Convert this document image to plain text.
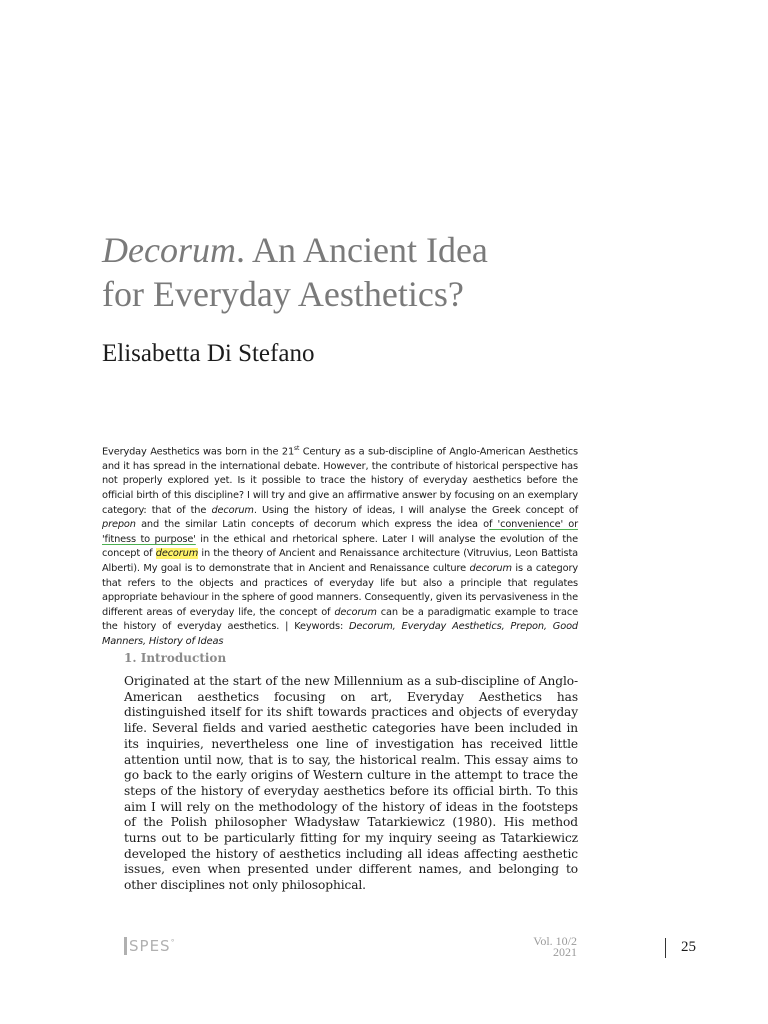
Decorum. An Ancient Idea
for Everyday Aesthetics?
Elisabetta Di Stefano
Everyday Aesthetics was born in the 21st Century as a sub-discipline of Anglo-American Aesthetics and it has spread in the international debate. However, the contribute of historical perspective has not properly explored yet. Is it possible to trace the history of everyday aesthetics before the official birth of this discipline? I will try and give an affirmative answer by focusing on an exemplary category: that of the decorum. Using the history of ideas, I will analyse the Greek concept of prepon and the similar Latin concepts of decorum which express the idea of 'convenience' or 'fitness to purpose' in the ethical and rhetorical sphere. Later I will analyse the evolution of the concept of decorum in the theory of Ancient and Renaissance architecture (Vitruvius, Leon Battista Alberti). My goal is to demonstrate that in Ancient and Renaissance culture decorum is a category that refers to the objects and practices of everyday life but also a principle that regulates appropriate behaviour in the sphere of good manners. Consequently, given its pervasiveness in the different areas of everyday life, the concept of decorum can be a paradigmatic example to trace the history of everyday aesthetics. | Keywords: Decorum, Everyday Aesthetics, Prepon, Good Manners, History of Ideas
1. Introduction

Originated at the start of the new Millennium as a sub-discipline of Anglo-American aesthetics focusing on art, Everyday Aesthetics has distinguished itself for its shift towards practices and objects of everyday life. Several fields and varied aesthetic categories have been included in its inquiries, nevertheless one line of investigation has received little attention until now, that is to say, the historical realm. This essay aims to go back to the early origins of Western culture in the attempt to trace the steps of the history of everyday aesthetics before its official birth. To this aim I will rely on the methodology of the history of ideas in the footsteps of the Polish philosopher Władysław Tatarkiewicz (1980). His method turns out to be particularly fitting for my inquiry seeing as Tatarkiewicz developed the history of aesthetics including all ideas affecting aesthetic issues, even when presented under different names, and belonging to other disciplines not only philosophical.

SPES°	Vol. 10/2
2021	25
